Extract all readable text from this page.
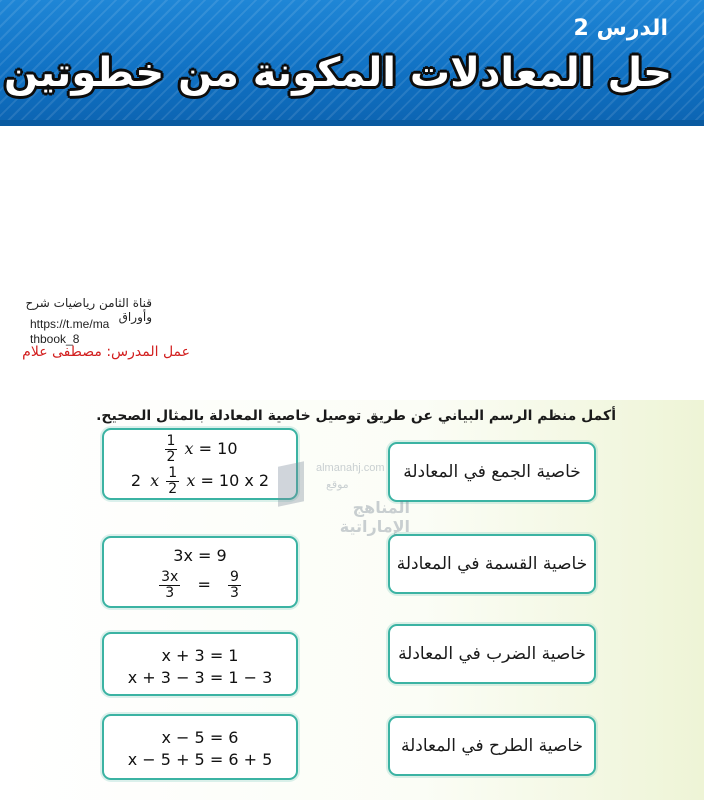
الدرس 2
حل المعادلات المكونة من خطوتين
قناة الثامن رياضيات شرح وأوراق
https://t.me/mathbook_8
عمل المدرس: مصطفى علام
أكمل منظم الرسم البياني عن طريق توصيل خاصية المعادلة بالمثال الصحيح.
$\frac{1}{2}$ x = 10
2 x $\frac{1}{2}$ x = 10 x 2
3x = 9
$\frac{3x}{3} = \frac{9}{3}$
x + 3 = 1
x + 3 − 3 = 1 − 3
x − 5 = 6
x − 5 + 5 = 6 + 5
خاصية الجمع في المعادلة
خاصية القسمة في المعادلة
خاصية الضرب في المعادلة
خاصية الطرح في المعادلة
almanahj.com
موقع
المناهج الإماراتية
